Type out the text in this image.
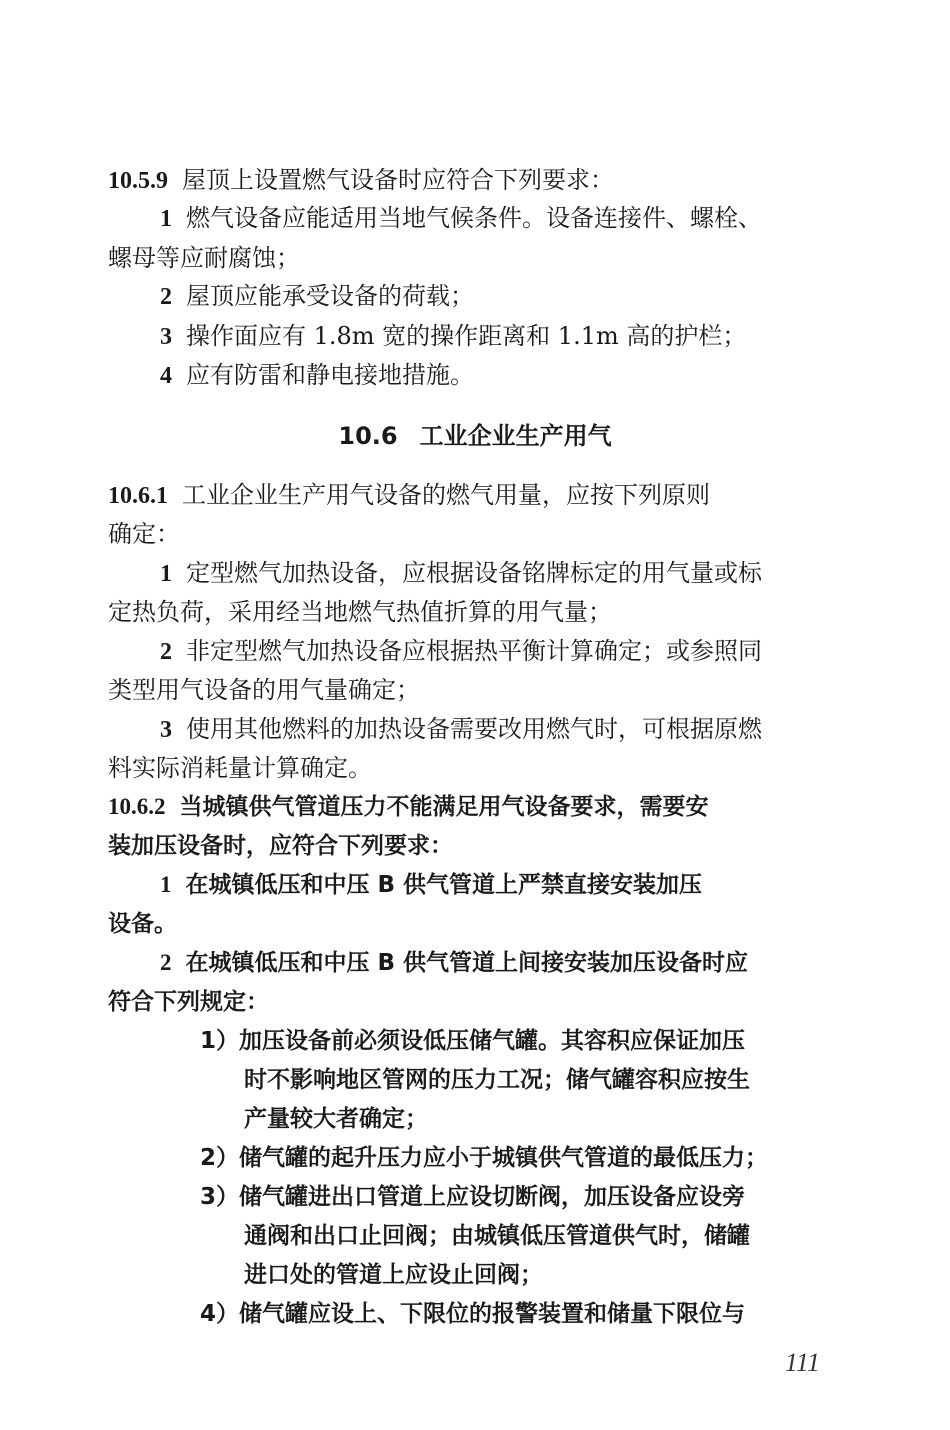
10.5.9 屋顶上设置燃气设备时应符合下列要求：
1 燃气设备应能适用当地气候条件。设备连接件、螺栓、
螺母等应耐腐蚀；
2 屋顶应能承受设备的荷载；
3 操作面应有 1.8m 宽的操作距离和 1.1m 高的护栏；
4 应有防雷和静电接地措施。
10.6 工业企业生产用气
10.6.1 工业企业生产用气设备的燃气用量，应按下列原则
确定：
1 定型燃气加热设备，应根据设备铭牌标定的用气量或标
定热负荷，采用经当地燃气热值折算的用气量；
2 非定型燃气加热设备应根据热平衡计算确定；或参照同
类型用气设备的用气量确定；
3 使用其他燃料的加热设备需要改用燃气时，可根据原燃
料实际消耗量计算确定。
10.6.2 当城镇供气管道压力不能满足用气设备要求，需要安
装加压设备时，应符合下列要求：
1 在城镇低压和中压 B 供气管道上严禁直接安装加压
设备。
2 在城镇低压和中压 B 供气管道上间接安装加压设备时应
符合下列规定：
1）加压设备前必须设低压储气罐。其容积应保证加压
时不影响地区管网的压力工况；储气罐容积应按生
产量较大者确定；
2）储气罐的起升压力应小于城镇供气管道的最低压力；
3）储气罐进出口管道上应设切断阀，加压设备应设旁
通阀和出口止回阀；由城镇低压管道供气时，储罐
进口处的管道上应设止回阀；
4）储气罐应设上、下限位的报警装置和储量下限位与
111
